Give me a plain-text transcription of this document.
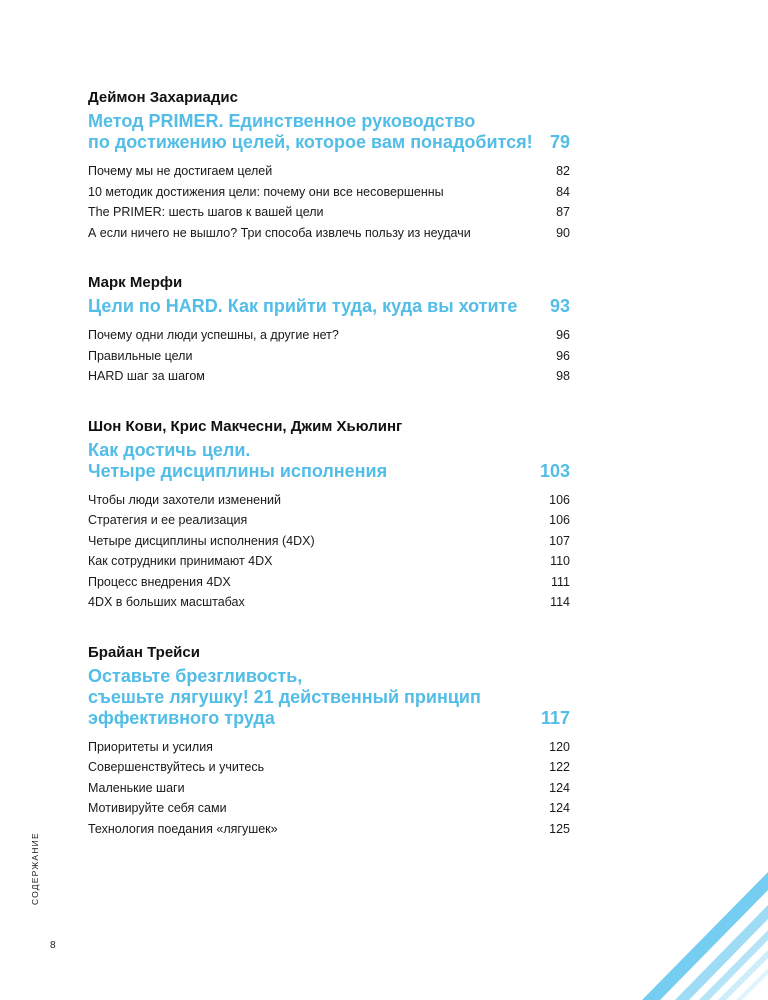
Деймон Захариадис
Метод PRIMER. Единственное руководство
по достижению целей, которое вам понадобится! 79
Почему мы не достигаем целей	82
10 методик достижения цели: почему они все несовершенны	84
The PRIMER: шесть шагов к вашей цели	87
А если ничего не вышло? Три способа извлечь пользу из неудачи	90
Марк Мерфи
Цели по HARD. Как прийти туда, куда вы хотите 93
Почему одни люди успешны, а другие нет?	96
Правильные цели	96
HARD шаг за шагом	98
Шон Кови, Крис Макчесни, Джим Хьюлинг
Как достичь цели.
Четыре дисциплины исполнения	103
Чтобы люди захотели изменений	106
Стратегия и ее реализация	106
Четыре дисциплины исполнения (4DX)	107
Как сотрудники принимают 4DX	110
Процесс внедрения 4DX	111
4DX в больших масштабах	114
Брайан Трейси
Оставьте брезгливость,
съешьте лягушку! 21 действенный принцип
эффективного труда	117
Приоритеты и усилия	120
Совершенствуйтесь и учитесь	122
Маленькие шаги	124
Мотивируйте себя сами	124
Технология поедания «лягушек»	125
СОДЕРЖАНИЕ
8
